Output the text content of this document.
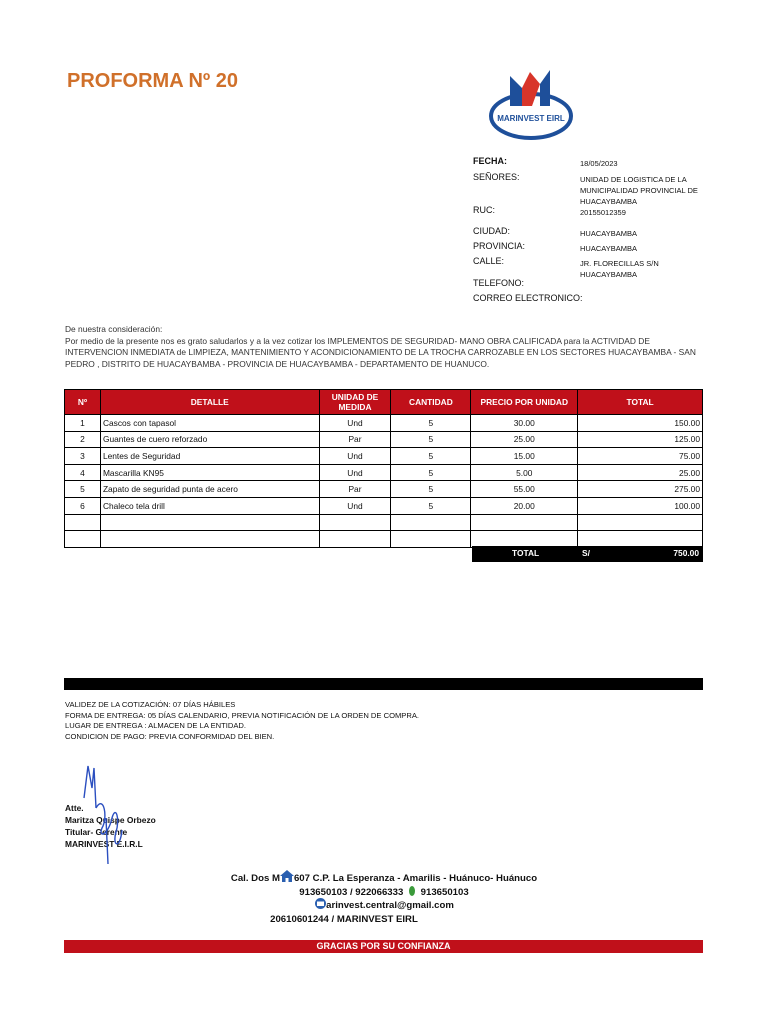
PROFORMA Nº 20
MARINVEST EIRL
FECHA:	18/05/2023
SEÑORES:	UNIDAD DE LOGISTICA DE LA MUNICIPALIDAD PROVINCIAL DE HUACAYBAMBA
RUC:	20155012359
CIUDAD:	HUACAYBAMBA
PROVINCIA:	HUACAYBAMBA
CALLE:	JR. FLORECILLAS S/N HUACAYBAMBA
TELEFONO:
CORREO ELECTRONICO:
De nuestra consideración:
Por medio de la presente nos es grato saludarlos y a la vez cotizar los IMPLEMENTOS DE SEGURIDAD- MANO OBRA CALIFICADA para la ACTIVIDAD DE INTERVENCION INMEDIATA de LIMPIEZA, MANTENIMIENTO Y ACONDICIONAMIENTO DE LA TROCHA CARROZABLE EN LOS SECTORES HUACAYBAMBA - SAN PEDRO , DISTRITO DE HUACAYBAMBA - PROVINCIA DE HUACAYBAMBA - DEPARTAMENTO DE HUANUCO.
Nº	DETALLE	UNIDAD DE MEDIDA	CANTIDAD	PRECIO POR UNIDAD	TOTAL
1	Cascos con tapasol	Und	5	30.00	150.00
2	Guantes de cuero reforzado	Par	5	25.00	125.00
3	Lentes de Seguridad	Und	5	15.00	75.00
4	Mascarilla KN95	Und	5	5.00	25.00
5	Zapato de seguridad punta de acero	Par	5	55.00	275.00
6	Chaleco tela drill	Und	5	20.00	100.00

TOTAL	S/	750.00
VALIDEZ DE LA COTIZACIÓN: 07 DÍAS HÁBILES
FORMA DE ENTREGA: 05 DÍAS CALENDARIO, PREVIA NOTIFICACIÓN DE LA ORDEN DE COMPRA.
LUGAR DE ENTREGA : ALMACEN DE LA ENTIDAD.
CONDICION DE PAGO: PREVIA CONFORMIDAD DEL BIEN.
Atte.
Maritza Quispe Orbezo
Titular- Gerente
MARINVEST E.I.R.L
Cal. Dos M 607 C.P. La Esperanza - Amarilis - Huánuco- Huánuco
913650103 / 922066333 913650103
arinvest.central@gmail.com
20610601244 / MARINVEST EIRL
GRACIAS POR SU CONFIANZA
